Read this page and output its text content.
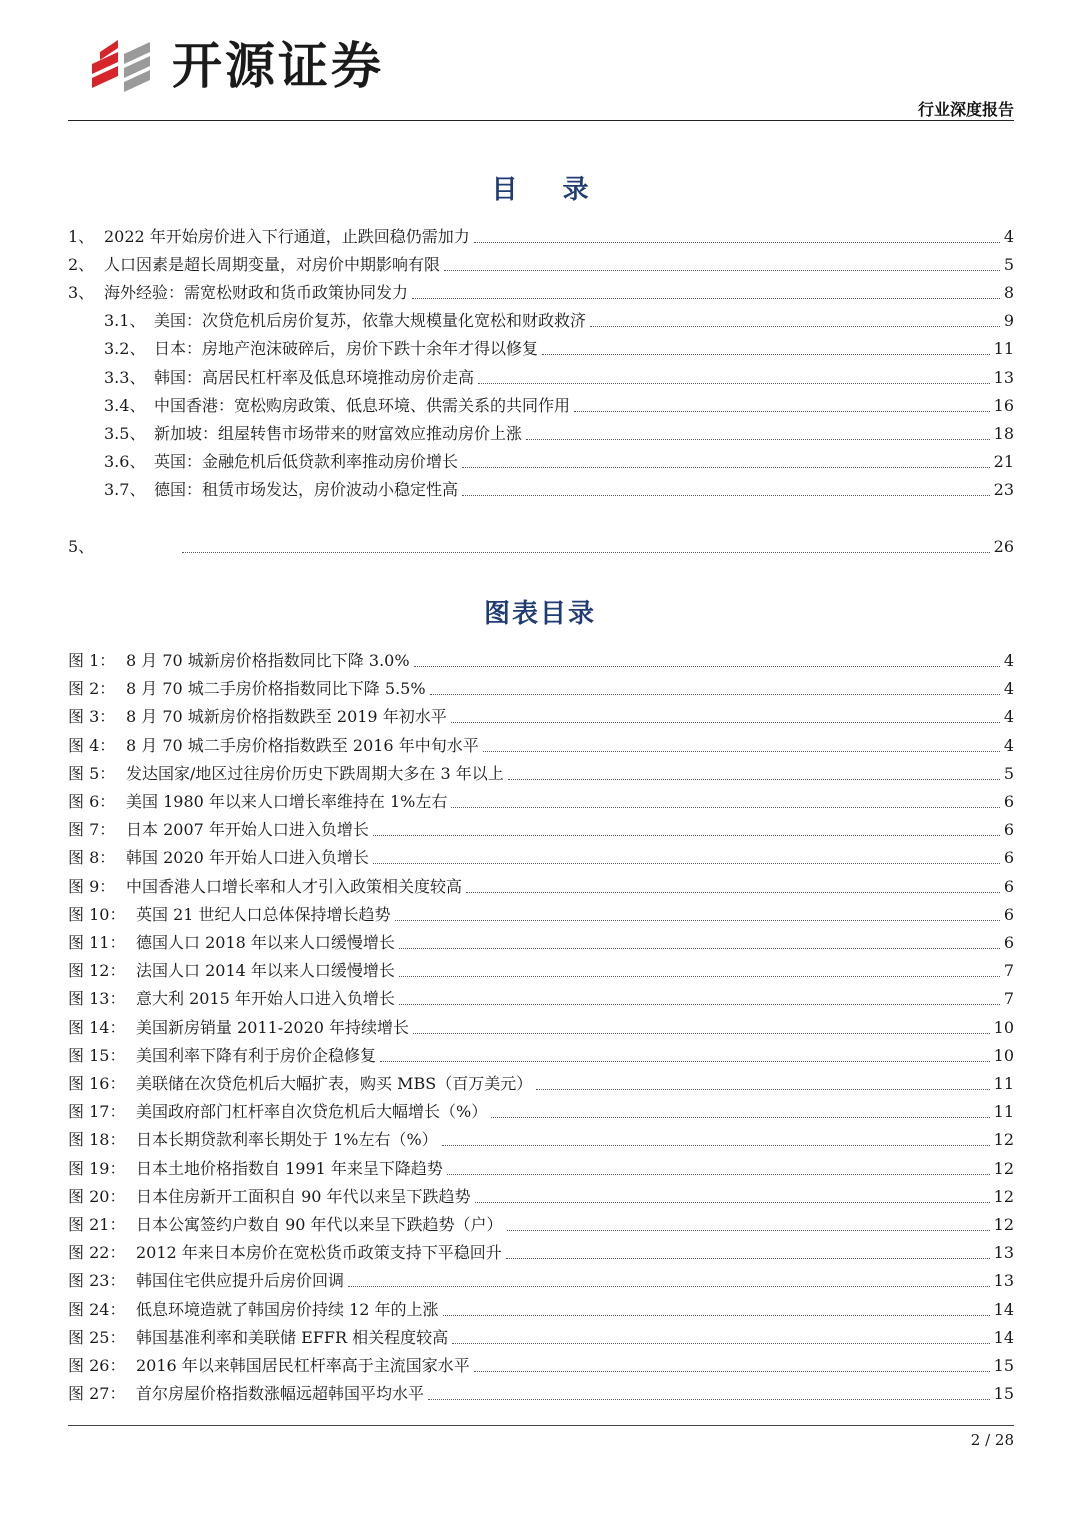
开源证券
行业深度报告
目 录
1、 2022 年开始房价进入下行通道，止跌回稳仍需加力	4
2、 人口因素是超长周期变量，对房价中期影响有限	5
3、 海外经验：需宽松财政和货币政策协同发力	8
3.1、 美国：次贷危机后房价复苏，依靠大规模量化宽松和财政救济	9
3.2、 日本：房地产泡沫破碎后，房价下跌十余年才得以修复	11
3.3、 韩国：高居民杠杆率及低息环境推动房价走高	13
3.4、 中国香港：宽松购房政策、低息环境、供需关系的共同作用	16
3.5、 新加坡：组屋转售市场带来的财富效应推动房价上涨	18
3.6、 英国：金融危机后低贷款利率推动房价增长	21
3.7、 德国：租赁市场发达，房价波动小稳定性高	23
5、	26
图表目录
图 1： 8 月 70 城新房价格指数同比下降 3.0%	4
图 2： 8 月 70 城二手房价格指数同比下降 5.5%	4
图 3： 8 月 70 城新房价格指数跌至 2019 年初水平	4
图 4： 8 月 70 城二手房价格指数跌至 2016 年中旬水平	4
图 5： 发达国家/地区过往房价历史下跌周期大多在 3 年以上	5
图 6： 美国 1980 年以来人口增长率维持在 1%左右	6
图 7： 日本 2007 年开始人口进入负增长	6
图 8： 韩国 2020 年开始人口进入负增长	6
图 9： 中国香港人口增长率和人才引入政策相关度较高	6
图 10： 英国 21 世纪人口总体保持增长趋势	6
图 11： 德国人口 2018 年以来人口缓慢增长	6
图 12： 法国人口 2014 年以来人口缓慢增长	7
图 13： 意大利 2015 年开始人口进入负增长	7
图 14： 美国新房销量 2011-2020 年持续增长	10
图 15： 美国利率下降有利于房价企稳修复	10
图 16： 美联储在次贷危机后大幅扩表，购买 MBS（百万美元）	11
图 17： 美国政府部门杠杆率自次贷危机后大幅增长（%）	11
图 18： 日本长期贷款利率长期处于 1%左右（%）	12
图 19： 日本土地价格指数自 1991 年来呈下降趋势	12
图 20： 日本住房新开工面积自 90 年代以来呈下跌趋势	12
图 21： 日本公寓签约户数自 90 年代以来呈下跌趋势（户）	12
图 22： 2012 年来日本房价在宽松货币政策支持下平稳回升	13
图 23： 韩国住宅供应提升后房价回调	13
图 24： 低息环境造就了韩国房价持续 12 年的上涨	14
图 25： 韩国基准利率和美联储 EFFR 相关程度较高	14
图 26： 2016 年以来韩国居民杠杆率高于主流国家水平	15
图 27： 首尔房屋价格指数涨幅远超韩国平均水平	15
2 / 28
